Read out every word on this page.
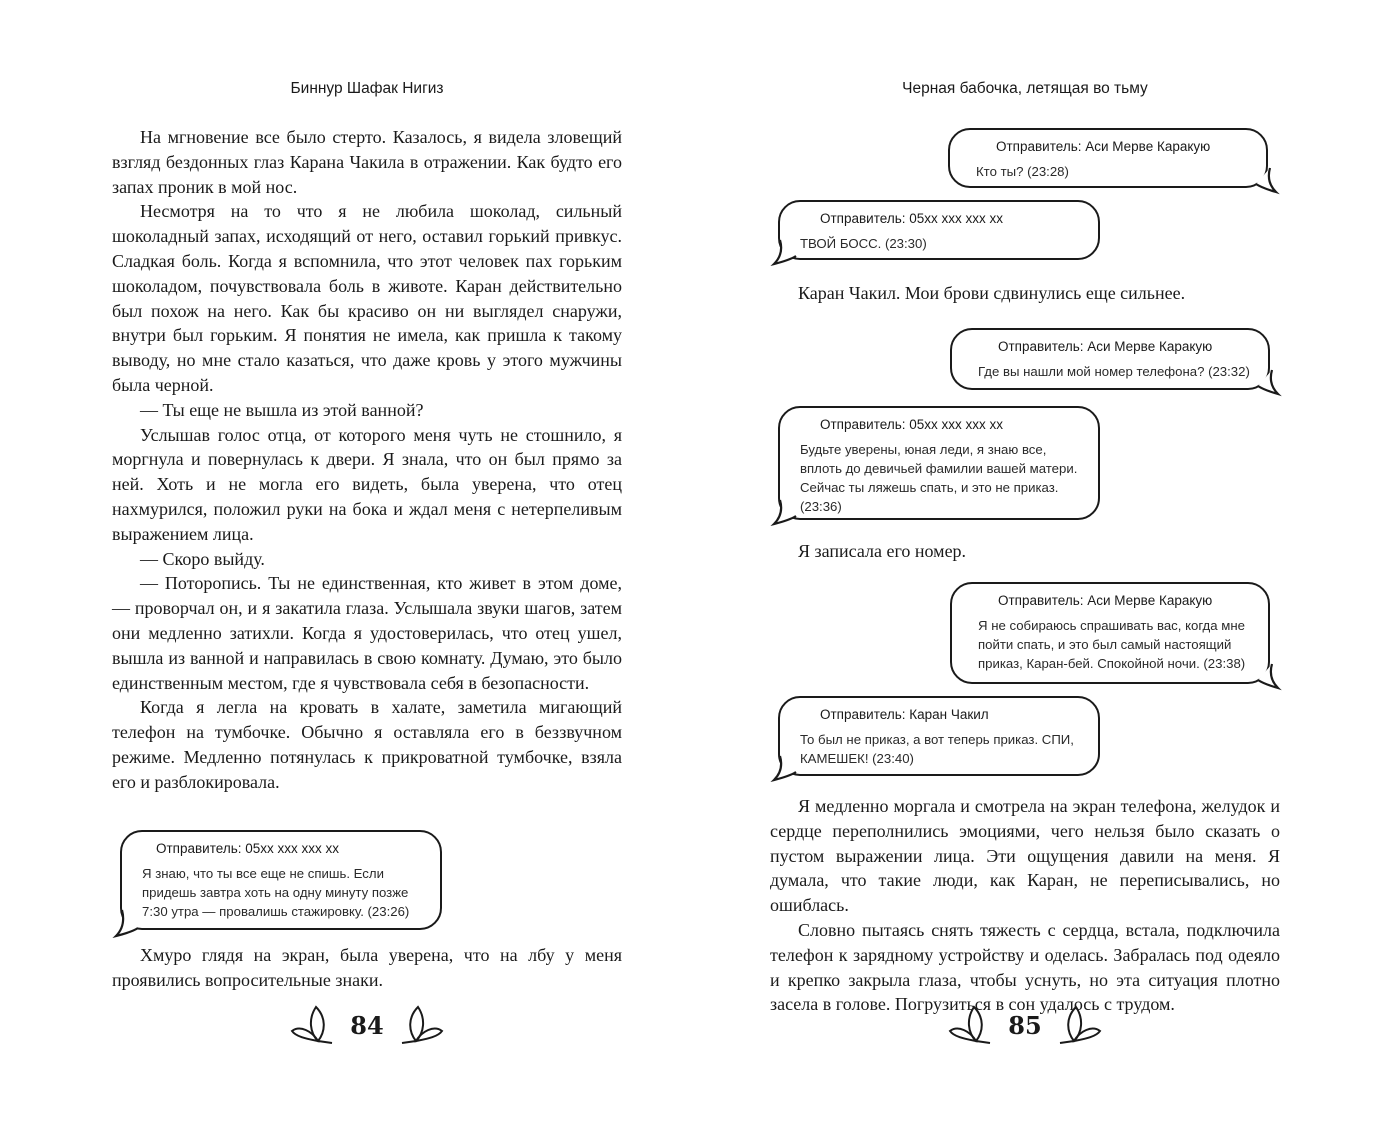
Биннур Шафак Нигиз

На мгновение все было стерто. Казалось, я видела зловещий взгляд бездонных глаз Карана Чакила в отражении. Как будто его запах проник в мой нос.

Несмотря на то что я не любила шоколад, сильный шоколадный запах, исходящий от него, оставил горький привкус. Сладкая боль. Когда я вспомнила, что этот человек пах горьким шоколадом, почувствовала боль в животе. Каран действительно был похож на него. Как бы красиво он ни выглядел снаружи, внутри был горьким. Я понятия не имела, как пришла к такому выводу, но мне стало казаться, что даже кровь у этого мужчины была черной.

— Ты еще не вышла из этой ванной?

Услышав голос отца, от которого меня чуть не стошнило, я моргнула и повернулась к двери. Я знала, что он был прямо за ней. Хоть и не могла его видеть, была уверена, что отец нахмурился, положил руки на бока и ждал меня с нетерпеливым выражением лица.

— Скоро выйду.

— Поторопись. Ты не единственная, кто живет в этом доме, — проворчал он, и я закатила глаза. Услышала звуки шагов, затем они медленно затихли. Когда я удостоверилась, что отец ушел, вышла из ванной и направилась в свою комнату. Думаю, это было единственным местом, где я чувствовала себя в безопасности.

Когда я легла на кровать в халате, заметила мигающий телефон на тумбочке. Обычно я оставляла его в беззвучном режиме. Медленно потянулась к прикроватной тумбочке, взяла его и разблокировала.

Отправитель: 05хх ххх ххх хх
Я знаю, что ты все еще не спишь. Если придешь завтра хоть на одну минуту позже 7:30 утра — провалишь стажировку. (23:26)

Хмуро глядя на экран, была уверена, что на лбу у меня проявились вопросительные знаки.

84
Черная бабочка, летящая во тьму
Отправитель: Аси Мерве Каракую
Кто ты? (23:28)
Отправитель: 05хх ххх ххх хх
ТВОЙ БОСС. (23:30)

Каран Чакил. Мои брови сдвинулись еще сильнее.

Отправитель: Аси Мерве Каракую
Где вы нашли мой номер телефона? (23:32)
Отправитель: 05хх ххх ххх хх
Будьте уверены, юная леди, я знаю все, вплоть до девичьей фамилии вашей матери. Сейчас ты ляжешь спать, и это не приказ. (23:36)

Я записала его номер.

Отправитель: Аси Мерве Каракую
Я не собираюсь спрашивать вас, когда мне пойти спать, и это был самый настоящий приказ, Каран-бей. Спокойной ночи. (23:38)
Отправитель: Каран Чакил
То был не приказ, а вот теперь приказ. СПИ, КАМЕШЕК! (23:40)

Я медленно моргала и смотрела на экран телефона, желудок и сердце переполнились эмоциями, чего нельзя было сказать о пустом выражении лица. Эти ощущения давили на меня. Я думала, что такие люди, как Каран, не переписывались, но ошиблась.

Словно пытаясь снять тяжесть с сердца, встала, подключила телефон к зарядному устройству и оделась. Забралась под одеяло и крепко закрыла глаза, чтобы уснуть, но эта ситуация плотно засела в голове. Погрузиться в сон удалось с трудом.

85
